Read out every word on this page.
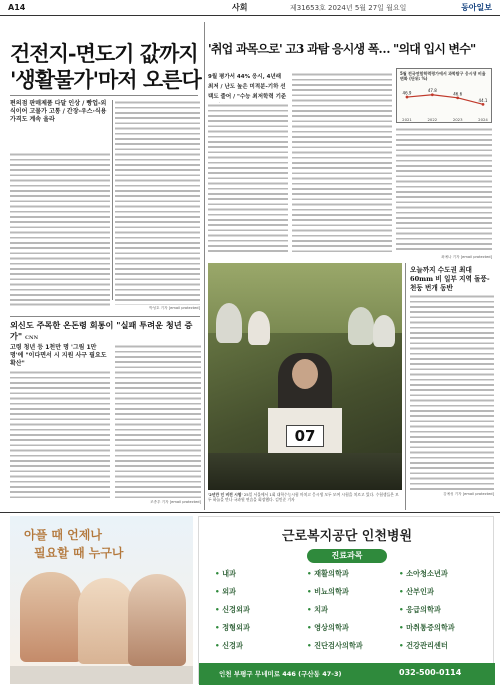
A14	사회	제31653호 2024년 5월 27일 월요일	동아일보
건전지-면도기 값까지
'생활물가'마저 오른다
편의점 판매제품 다달 인상 / 빵업-외식이어 고물가 고통 / 간장-우스·식용가격도 계속 올라
박성호 기자 [email protected]
'취업 과목으로' 고3 과탐 응시생 폭… "의대 입시 변수"
9월 평가서 44% 응시, 4년래 최저 / 난도 높은 미적분-기하 선택도 줄어 / "수능 최저학력 기준
5월 전국연합학력평가에서 과학탐구 응시생 비율 변화 (단위: %)
46.9
2021
47.8
2022
46.6
2023
44.1
2024
최예나 기자 [email protected]
07
'2년만 인 비전 시험' 25일 서울에서 1회 대학수능시험 마치고 응시생 모두 모여 시험을 치르고 있다. 수험생들은 모두 하늘을 만나 국과원 연습을 회장했다. 김민준 기자
오늘까지 수도권 최대 60mm 비 일부 지역 돌풍-천둥 번개 동반
김예성 기자 [email protected]
외신도 주목한 온돈령 회통이 "실패 투려운 청년 증가" CNN
고령 청년 등 1천만 명 '그림 1만 명'에 "이다면서 시 지원 사구 필요도 확산"
조종우 기자 [email protected]
아플 때 언제나
필요할 때 누구나
근로복지공단 인천병원
진료과목
• 내과	• 재활의학과	• 소아청소년과
• 외과	• 비뇨의학과	• 산부인과
• 신경외과	• 치과	• 응급의학과
• 정형외과	• 영상의학과	• 마취통증의학과
• 신경과	• 진단검사의학과	• 건강관리센터
인천 부평구 무네미로 446 (구산동 47-3)	032-500-0114
